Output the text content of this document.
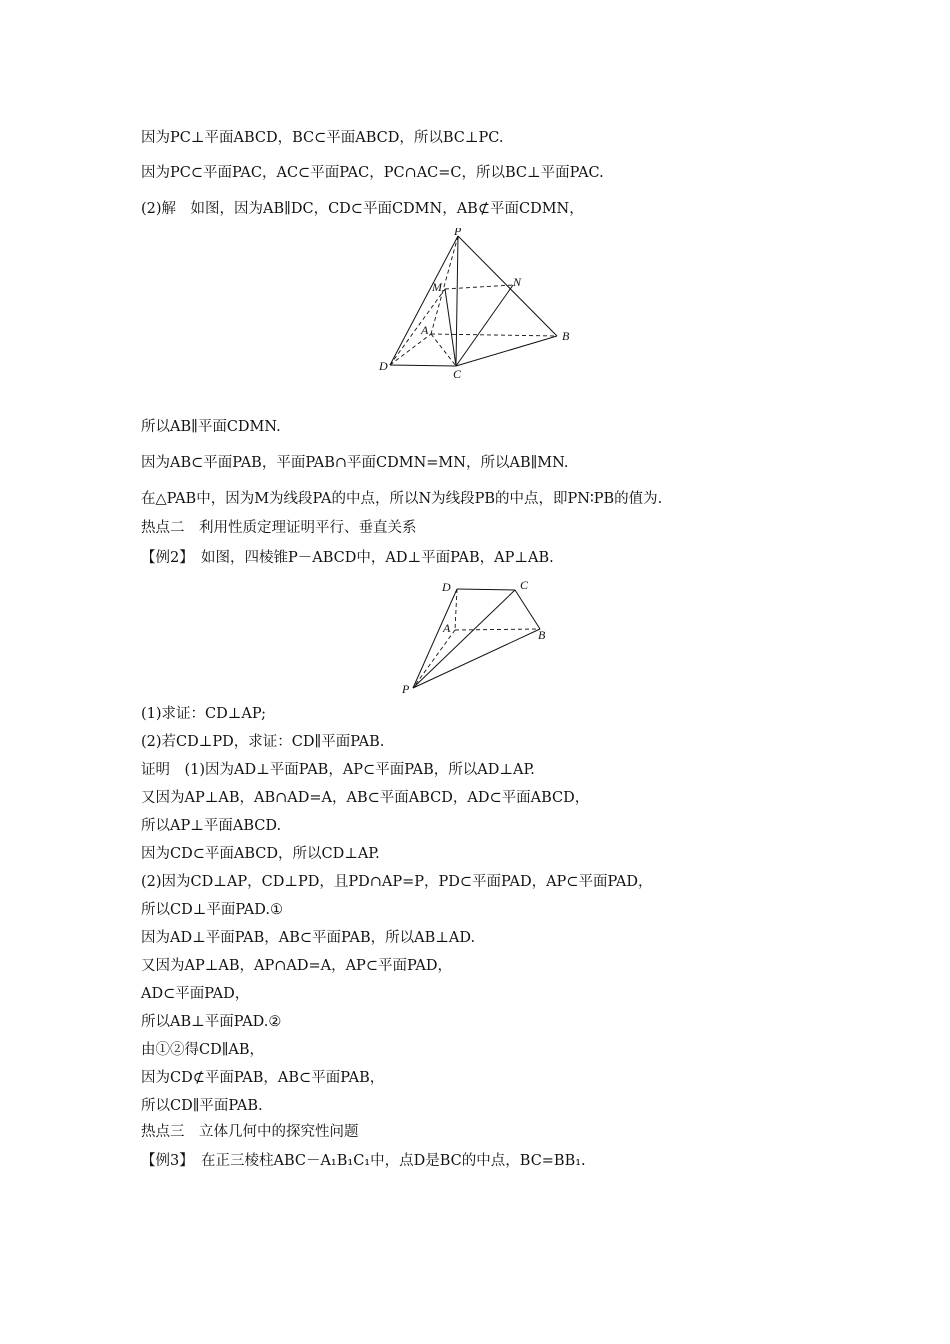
因为PC⊥平面ABCD，BC⊂平面ABCD，所以BC⊥PC.
因为PC⊂平面PAC，AC⊂平面PAC，PC∩AC=C，所以BC⊥平面PAC.
(2)解　如图，因为AB∥DC，CD⊂平面CDMN，AB⊄平面CDMN，
P
M	N
A	B
C
D
所以AB∥平面CDMN.
因为AB⊂平面PAB，平面PAB∩平面CDMN=MN，所以AB∥MN.
在△PAB中，因为M为线段PA的中点，所以N为线段PB的中点，即PN∶PB的值为.
热点二　利用性质定理证明平行、垂直关系
【例2】　如图，四棱锥P－ABCD中，AD⊥平面PAB，AP⊥AB.
D	C
A	B
P
(1)求证：CD⊥AP;
(2)若CD⊥PD，求证：CD∥平面PAB.
证明　(1)因为AD⊥平面PAB，AP⊂平面PAB，所以AD⊥AP.
又因为AP⊥AB，AB∩AD=A，AB⊂平面ABCD，AD⊂平面ABCD，
所以AP⊥平面ABCD.
因为CD⊂平面ABCD，所以CD⊥AP.
(2)因为CD⊥AP，CD⊥PD，且PD∩AP=P，PD⊂平面PAD，AP⊂平面PAD，
所以CD⊥平面PAD.①
因为AD⊥平面PAB，AB⊂平面PAB，所以AB⊥AD.
又因为AP⊥AB，AP∩AD=A，AP⊂平面PAD，
AD⊂平面PAD，
所以AB⊥平面PAD.②
由①②得CD∥AB，
因为CD⊄平面PAB，AB⊂平面PAB，
所以CD∥平面PAB.
热点三　立体几何中的探究性问题
【例3】　在正三棱柱ABC－A₁B₁C₁中，点D是BC的中点，BC=BB₁.
